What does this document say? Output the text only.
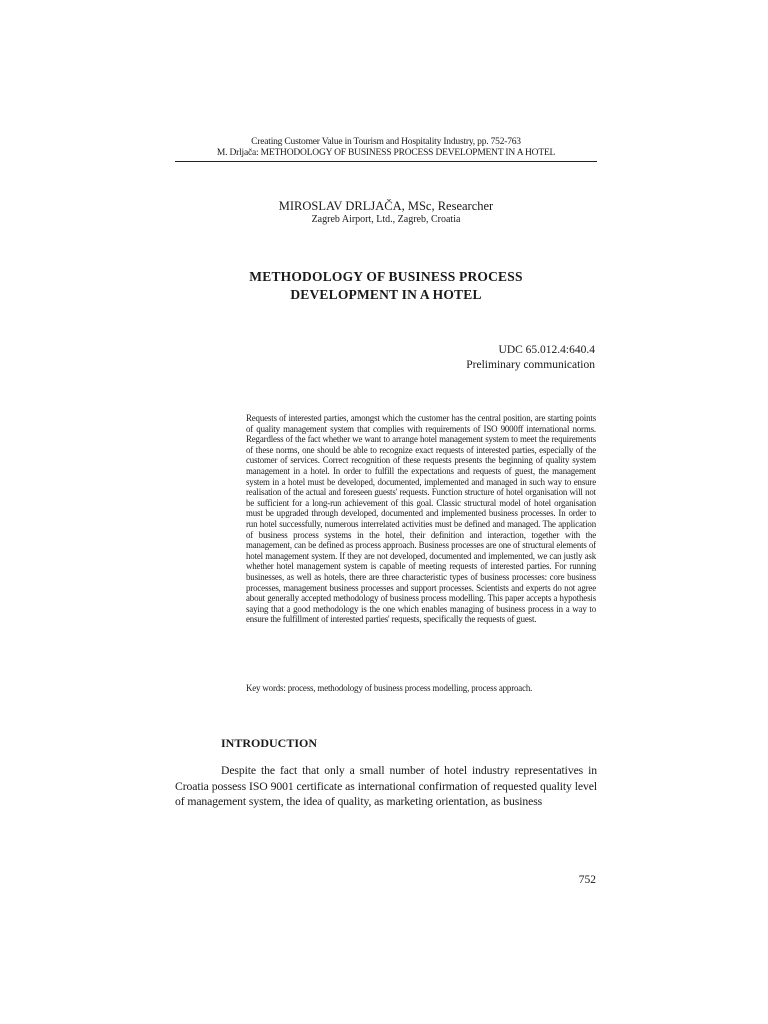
Creating Customer Value in Tourism and Hospitality Industry, pp. 752-763
M. Drljača: METHODOLOGY OF BUSINESS PROCESS DEVELOPMENT IN A HOTEL
MIROSLAV DRLJAČA, MSc, Researcher
Zagreb Airport, Ltd., Zagreb, Croatia
METHODOLOGY OF BUSINESS PROCESS
DEVELOPMENT IN A HOTEL
UDC 65.012.4:640.4
Preliminary communication
Requests of interested parties, amongst which the customer has the central position, are starting points of quality management system that complies with requirements of ISO 9000ff international norms. Regardless of the fact whether we want to arrange hotel management system to meet the requirements of these norms, one should be able to recognize exact requests of interested parties, especially of the customer of services. Correct recognition of these requests presents the beginning of quality system management in a hotel. In order to fulfill the expectations and requests of guest, the management system in a hotel must be developed, documented, implemented and managed in such way to ensure realisation of the actual and foreseen guests' requests. Function structure of hotel organisation will not be sufficient for a long-run achievement of this goal. Classic structural model of hotel organisation must be upgraded through developed, documented and implemented business processes. In order to run hotel successfully, numerous interrelated activities must be defined and managed. The application of business process systems in the hotel, their definition and interaction, together with the management, can be defined as process approach. Business processes are one of structural elements of hotel management system. If they are not developed, documented and implemented, we can justly ask whether hotel management system is capable of meeting requests of interested parties. For running businesses, as well as hotels, there are three characteristic types of business processes: core business processes, management business processes and support processes. Scientists and experts do not agree about generally accepted methodology of business process modelling. This paper accepts a hypothesis saying that a good methodology is the one which enables managing of business process in a way to ensure the fulfillment of interested parties' requests, specifically the requests of guest.
Key words: process, methodology of business process modelling, process approach.
INTRODUCTION
Despite the fact that only a small number of hotel industry representatives in Croatia possess ISO 9001 certificate as international confirmation of requested quality level of management system, the idea of quality, as marketing orientation, as business
752
